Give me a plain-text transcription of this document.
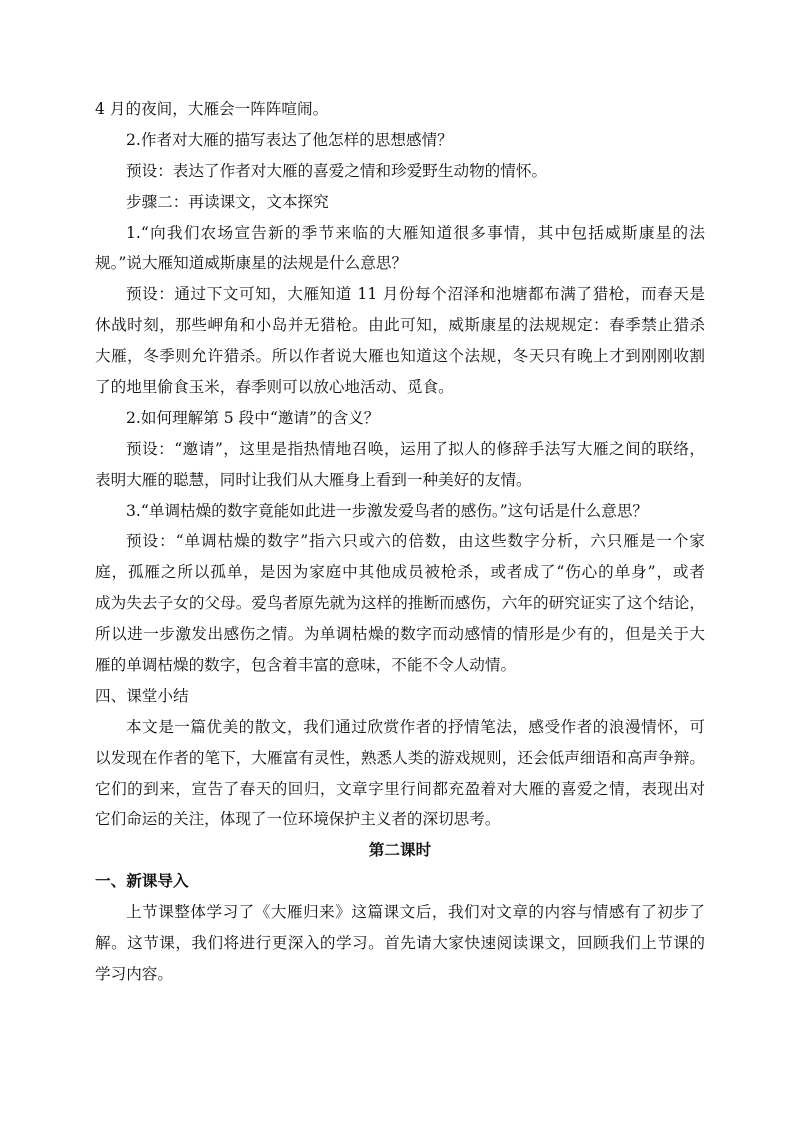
4 月的夜间，大雁会一阵阵喧闹。
2.作者对大雁的描写表达了他怎样的思想感情？
预设：表达了作者对大雁的喜爱之情和珍爱野生动物的情怀。
步骤二：再读课文，文本探究
1.“向我们农场宣告新的季节来临的大雁知道很多事情，其中包括威斯康星的法
规。”说大雁知道威斯康星的法规是什么意思？
预设：通过下文可知，大雁知道 11 月份每个沼泽和池塘都布满了猎枪，而春天是
休战时刻，那些岬角和小岛并无猎枪。由此可知，威斯康星的法规规定：春季禁止猎杀
大雁，冬季则允许猎杀。所以作者说大雁也知道这个法规，冬天只有晚上才到刚刚收割
了的地里偷食玉米，春季则可以放心地活动、觅食。
2.如何理解第 5 段中“邀请”的含义？
预设：“邀请”，这里是指热情地召唤，运用了拟人的修辞手法写大雁之间的联络，
表明大雁的聪慧，同时让我们从大雁身上看到一种美好的友情。
3.“单调枯燥的数字竟能如此进一步激发爱鸟者的感伤。”这句话是什么意思？
预设：“单调枯燥的数字”指六只或六的倍数，由这些数字分析，六只雁是一个家
庭，孤雁之所以孤单，是因为家庭中其他成员被枪杀，或者成了“伤心的单身”，或者
成为失去子女的父母。爱鸟者原先就为这样的推断而感伤，六年的研究证实了这个结论，
所以进一步激发出感伤之情。为单调枯燥的数字而动感情的情形是少有的，但是关于大
雁的单调枯燥的数字，包含着丰富的意味，不能不令人动情。
四、课堂小结
本文是一篇优美的散文，我们通过欣赏作者的抒情笔法，感受作者的浪漫情怀，可
以发现在作者的笔下，大雁富有灵性，熟悉人类的游戏规则，还会低声细语和高声争辩。
它们的到来，宣告了春天的回归，文章字里行间都充盈着对大雁的喜爱之情，表现出对
它们命运的关注，体现了一位环境保护主义者的深切思考。
第二课时
一、新课导入
上节课整体学习了《大雁归来》这篇课文后，我们对文章的内容与情感有了初步了
解。这节课，我们将进行更深入的学习。首先请大家快速阅读课文，回顾我们上节课的
学习内容。
